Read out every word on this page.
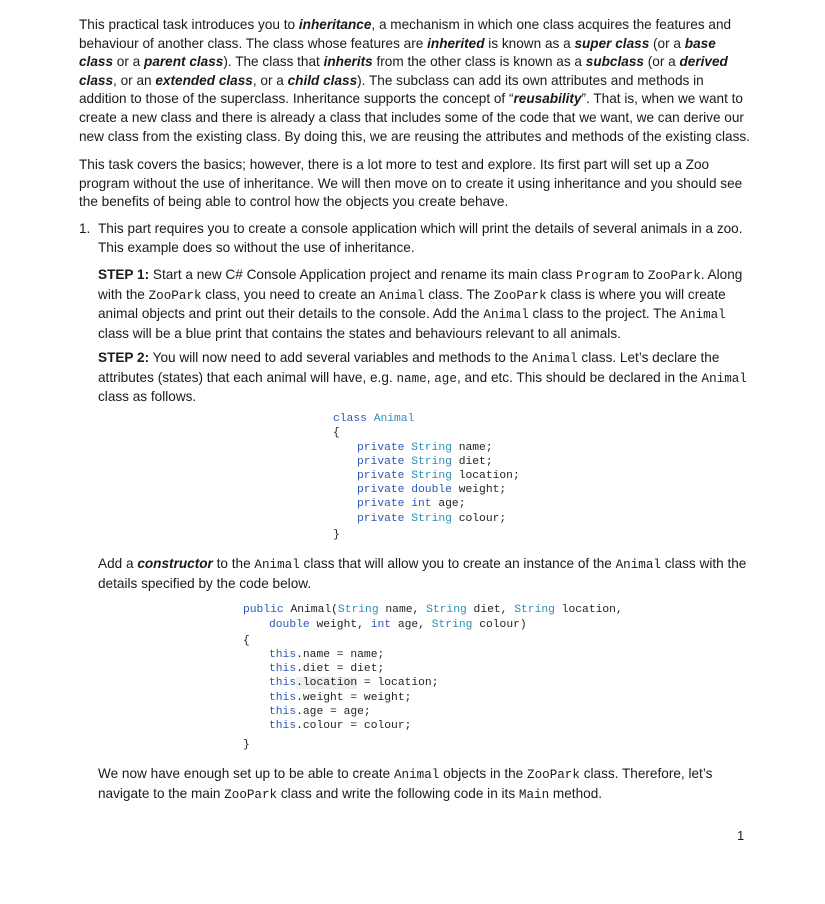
This practical task introduces you to inheritance, a mechanism in which one class acquires the features and behaviour of another class. The class whose features are inherited is known as a super class (or a base class or a parent class). The class that inherits from the other class is known as a subclass (or a derived class, or an extended class, or a child class). The subclass can add its own attributes and methods in addition to those of the superclass. Inheritance supports the concept of “reusability”. That is, when we want to create a new class and there is already a class that includes some of the code that we want, we can derive our new class from the existing class. By doing this, we are reusing the attributes and methods of the existing class.

This task covers the basics; however, there is a lot more to test and explore. Its first part will set up a Zoo program without the use of inheritance. We will then move on to create it using inheritance and you should see the benefits of being able to control how the objects you create behave.

1. This part requires you to create a console application which will print the details of several animals in a zoo. This example does so without the use of inheritance.

STEP 1: Start a new C# Console Application project and rename its main class Program to ZooPark. Along with the ZooPark class, you need to create an Animal class. The ZooPark class is where you will create animal objects and print out their details to the console. Add the Animal class to the project. The Animal class will be a blue print that contains the states and behaviours relevant to all animals.

STEP 2: You will now need to add several variables and methods to the Animal class. Let’s declare the attributes (states) that each animal will have, e.g. name, age, and etc. This should be declared in the Animal class as follows.

class Animal
{
private String name;
private String diet;
private String location;
private double weight;
private int age;
private String colour;
}

Add a constructor to the Animal class that will allow you to create an instance of the Animal class with the details specified by the code below.

public Animal(String name, String diet, String location,
double weight, int age, String colour)
{
this.name = name;
this.diet = diet;
this.location = location;
this.weight = weight;
this.age = age;
this.colour = colour;
}

We now have enough set up to be able to create Animal objects in the ZooPark class. Therefore, let’s navigate to the main ZooPark class and write the following code in its Main method.

1
